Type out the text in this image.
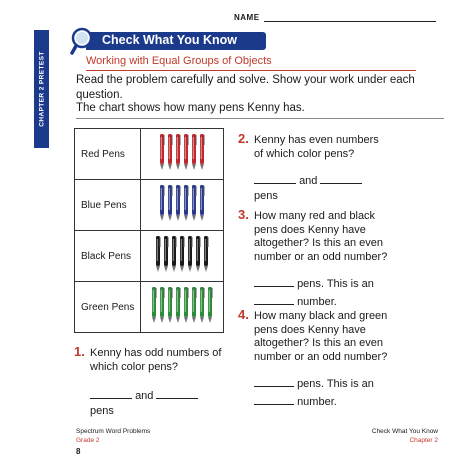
NAME
CHAPTER 2 PRETEST
Check What You Know
Working with Equal Groups of Objects
Read the problem carefully and solve. Show your work under each question.
The chart shows how many pens Kenny has.
Red Pens	
Blue Pens	
Black Pens	
Green Pens	
1. Kenny has odd numbers of which color pens?
and
pens
2. Kenny has even numbers of which color pens?
and
pens
3. How many red and black pens does Kenny have altogether? Is this an even number or an odd number?
pens. This is an
number.
4. How many black and green pens does Kenny have altogether? Is this an even number or an odd number?
pens. This is an
number.
Spectrum Word Problems
Grade 2
Check What You Know
Chapter 2
8
